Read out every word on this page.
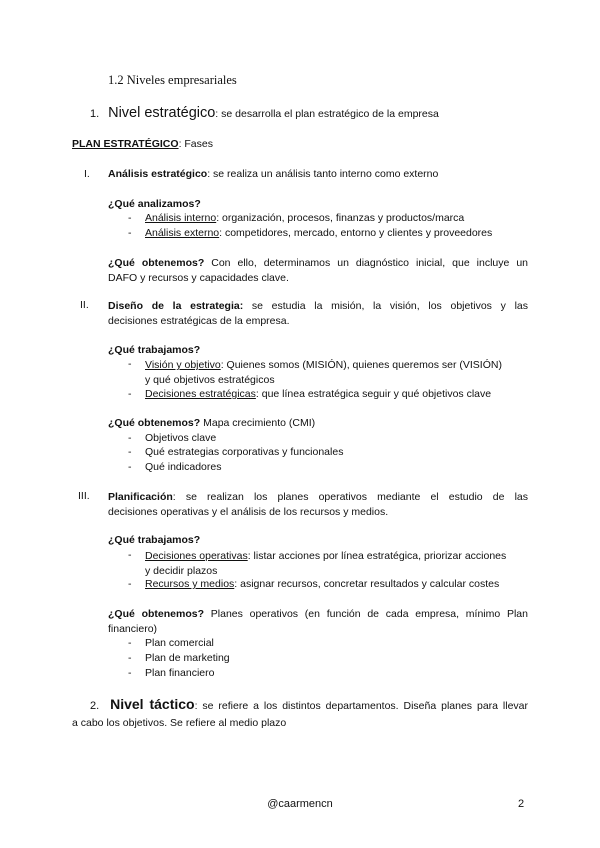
1.2 Niveles empresariales
1. Nivel estratégico: se desarrolla el plan estratégico de la empresa
PLAN ESTRATÉGICO: Fases
I. Análisis estratégico: se realiza un análisis tanto interno como externo
¿Qué analizamos?
- Análisis interno: organización, procesos, finanzas y productos/marca
- Análisis externo: competidores, mercado, entorno y clientes y proveedores
¿Qué obtenemos? Con ello, determinamos un diagnóstico inicial, que incluye un
DAFO y recursos y capacidades clave.
II. Diseño de la estrategia: se estudia la misión, la visión, los objetivos y las
decisiones estratégicas de la empresa.
¿Qué trabajamos?
- Visión y objetivo: Quienes somos (MISIÓN), quienes queremos ser (VISIÓN)
y qué objetivos estratégicos
- Decisiones estratégicas: que línea estratégica seguir y qué objetivos clave
¿Qué obtenemos? Mapa crecimiento (CMI)
- Objetivos clave
- Qué estrategias corporativas y funcionales
- Qué indicadores
III. Planificación: se realizan los planes operativos mediante el estudio de las
decisiones operativas y el análisis de los recursos y medios.
¿Qué trabajamos?
- Decisiones operativas: listar acciones por línea estratégica, priorizar acciones
y decidir plazos
- Recursos y medios: asignar recursos, concretar resultados y calcular costes
¿Qué obtenemos? Planes operativos (en función de cada empresa, mínimo Plan
financiero)
- Plan comercial
- Plan de marketing
- Plan financiero
2. Nivel táctico: se refiere a los distintos departamentos. Diseña planes para llevar
a cabo los objetivos. Se refiere al medio plazo
@caarmencn	2
